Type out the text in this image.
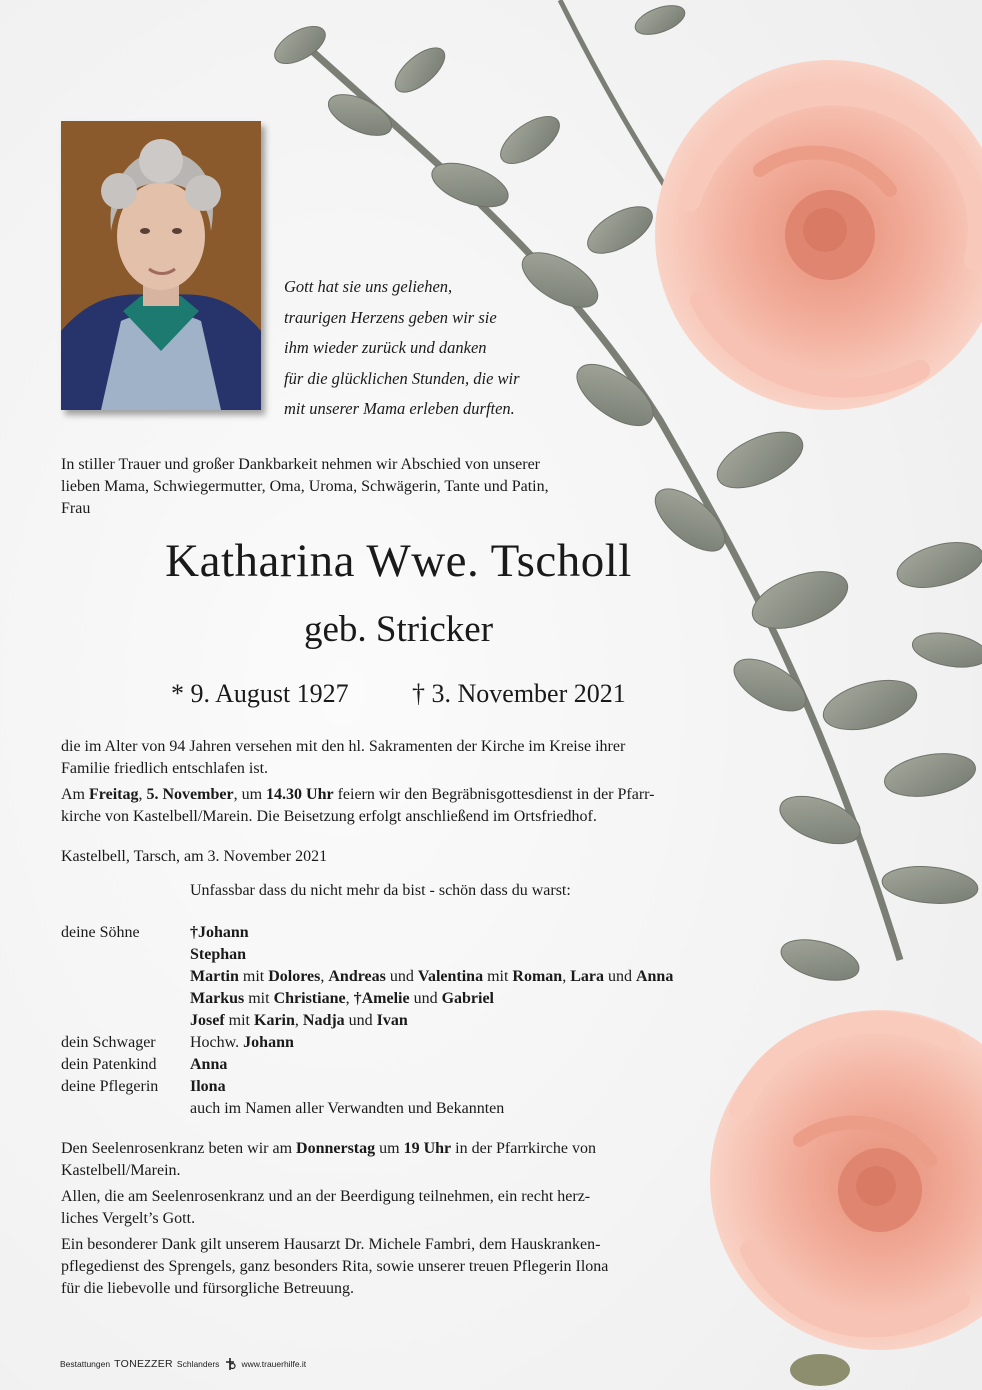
Gott hat sie uns geliehen,
traurigen Herzens geben wir sie
ihm wieder zurück und danken
für die glücklichen Stunden, die wir
mit unserer Mama erleben durften.
In stiller Trauer und großer Dankbarkeit nehmen wir Abschied von unserer
lieben Mama, Schwiegermutter, Oma, Uroma, Schwägerin, Tante und Patin,
Frau
Katharina Wwe. Tscholl
geb. Stricker
* 9. August 1927 † 3. November 2021
die im Alter von 94 Jahren versehen mit den hl. Sakramenten der Kirche im Kreise ihrer
Familie friedlich entschlafen ist.
Am Freitag, 5. November, um 14.30 Uhr feiern wir den Begräbnisgottesdienst in der Pfarr-
kirche von Kastelbell/Marein. Die Beisetzung erfolgt anschließend im Ortsfriedhof.
Kastelbell, Tarsch, am 3. November 2021
Unfassbar dass du nicht mehr da bist - schön dass du warst:
deine Söhne	†Johann
Stephan
Martin mit Dolores, Andreas und Valentina mit Roman, Lara und Anna
Markus mit Christiane, †Amelie und Gabriel
Josef mit Karin, Nadja und Ivan
dein Schwager Hochw. Johann
dein Patenkind Anna
deine Pflegerin Ilona
auch im Namen aller Verwandten und Bekannten
Den Seelenrosenkranz beten wir am Donnerstag um 19 Uhr in der Pfarrkirche von
Kastelbell/Marein.
Allen, die am Seelenrosenkranz und an der Beerdigung teilnehmen, ein recht herz-
liches Vergelt’s Gott.
Ein besonderer Dank gilt unserem Hausarzt Dr. Michele Fambri, dem Hauskranken-
pflegedienst des Sprengels, ganz besonders Rita, sowie unserer treuen Pflegerin Ilona
für die liebevolle und fürsorgliche Betreuung.
Bestattungen TONEZZER Schlanders	www.trauerhilfe.it
